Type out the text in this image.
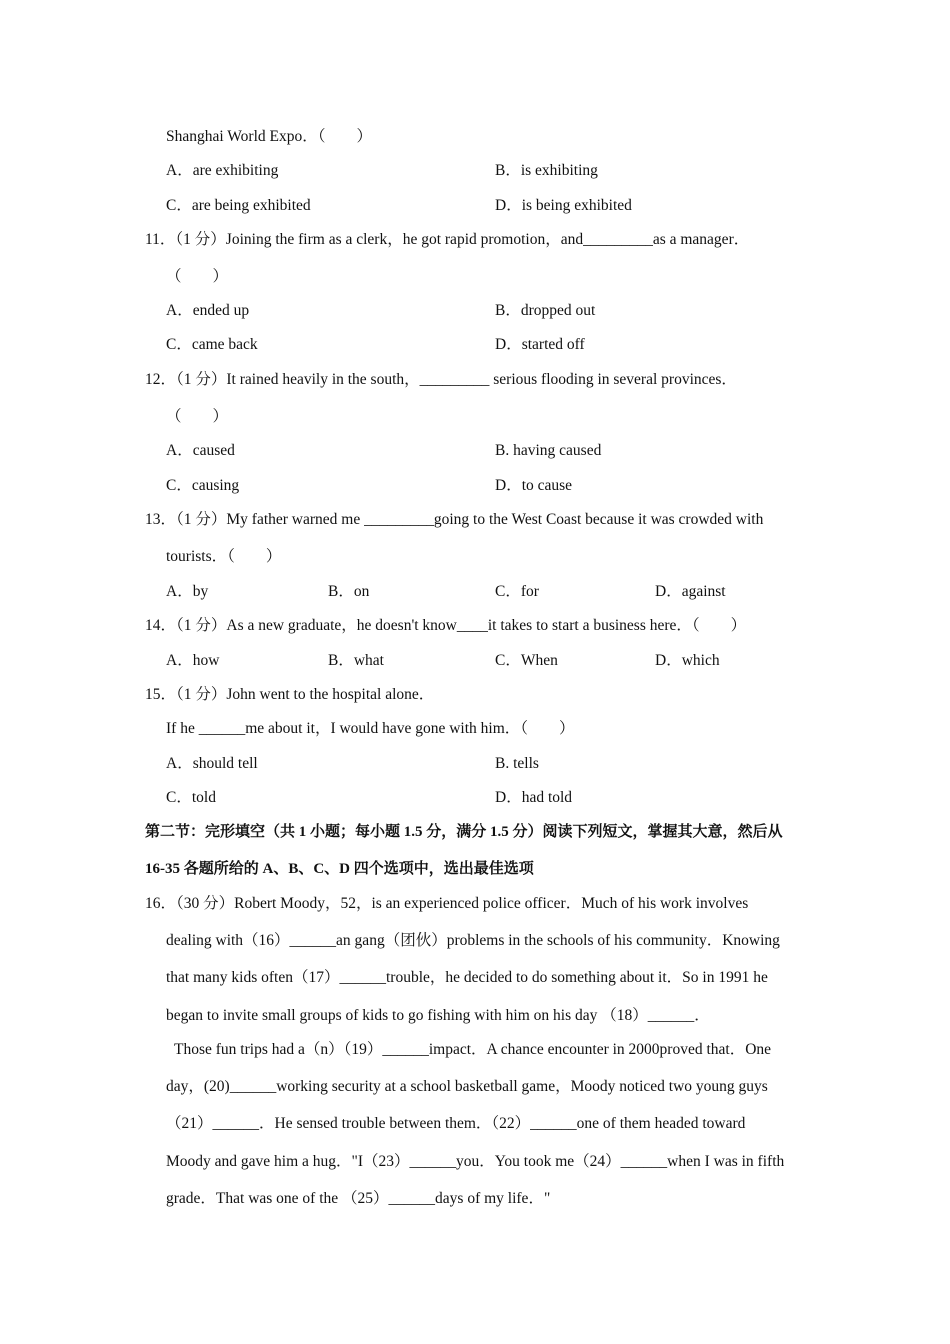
Shanghai World Expo．（　　）
A．are exhibiting	B．is exhibiting
C．are being exhibited	D．is being exhibited
11．（1 分）Joining the firm as a clerk，he got rapid promotion，and_________as a manager．
（　　）
A．ended up	B．dropped out
C．came back	D．started off
12．（1 分）It rained heavily in the south，_________ serious flooding in several provinces．
（　　）
A．caused	B. having caused
C．causing	D．to cause
13．（1 分）My father warned me _________going to the West Coast because it was crowded with
tourists．（　　）
A．by	B．on	C．for	D．against
14．（1 分）As a new graduate，he doesn't know____it takes to start a business here．（　　）
A．how	B．what	C．When	D．which
15．（1 分）John went to the hospital alone．
If he ______me about it，I would have gone with him．（　　）
A．should tell	B. tells
C．told	D．had told
第二节：完形填空（共 1 小题；每小题 1.5 分，满分 1.5 分）阅读下列短文，掌握其大意，然后从
16-35 各题所给的 A、B、C、D 四个选项中，选出最佳选项
16．（30 分）Robert Moody，52，is an experienced police officer．Much of his work involves
dealing with（16）______an gang（团伙）problems in the schools of his community．Knowing
that many kids often（17）______trouble，he decided to do something about it．So in 1991 he
began to invite small groups of kids to go fishing with him on his day （18）______．
Those fun trips had a（n）（19）______impact．A chance encounter in 2000proved that．One
day，(20)______working security at a school basketball game，Moody noticed two young guys
（21）______．He sensed trouble between them．（22）______one of them headed toward
Moody and gave him a hug．"I（23）______you．You took me（24）______when I was in fifth
grade．That was one of the （25）______days of my life．"
